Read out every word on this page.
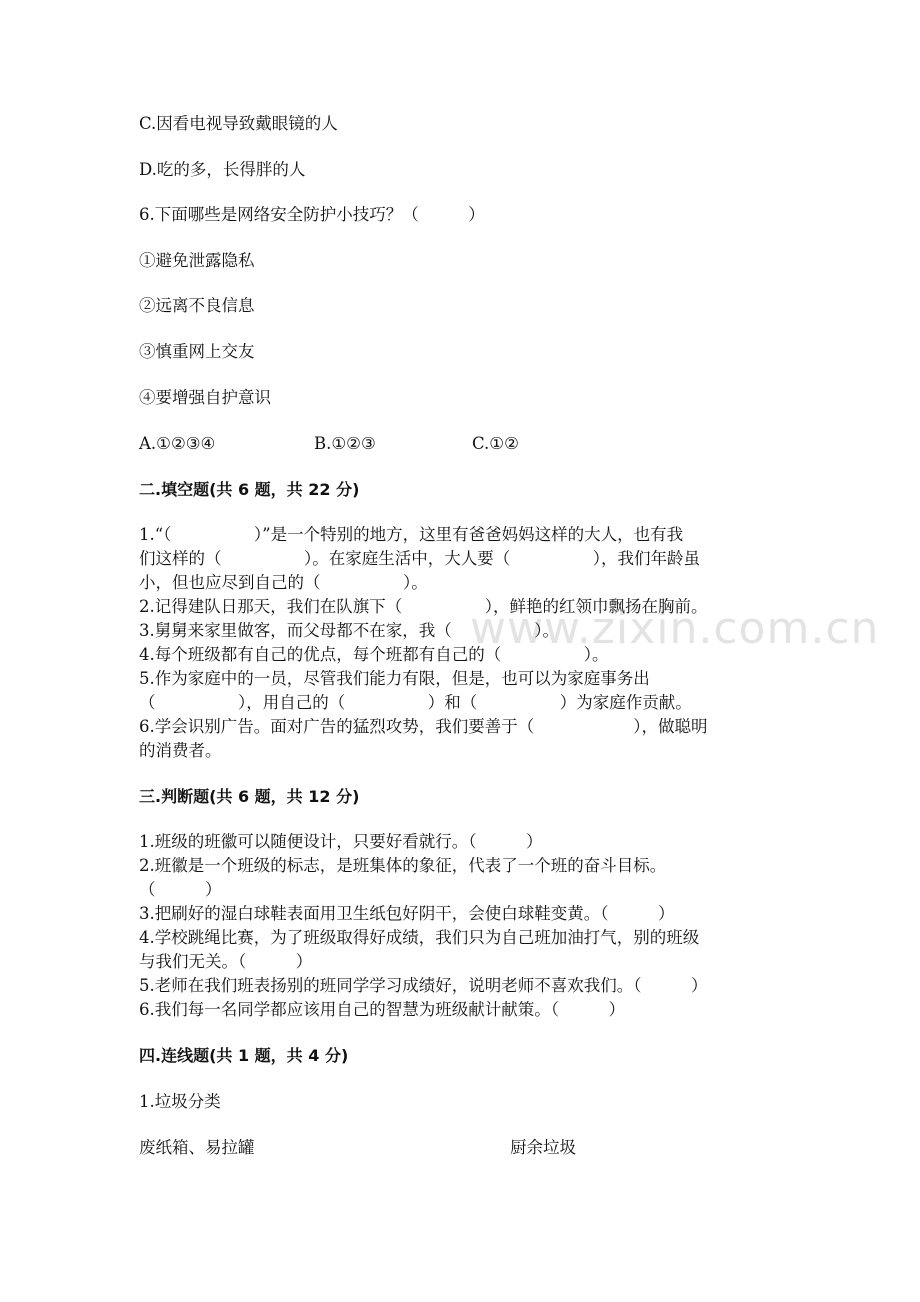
www.zixin.com.cn
C.因看电视导致戴眼镜的人
D.吃的多，长得胖的人
6.下面哪些是网络安全防护小技巧？（　　　）
①避免泄露隐私
②远离不良信息
③慎重网上交友
④要增强自护意识
A.①②③④	B.①②③	C.①②
二.填空题(共 6 题，共 22 分)
1.“（　　　　　）”是一个特别的地方，这里有爸爸妈妈这样的大人，也有我
们这样的（　　　　　）。在家庭生活中，大人要（　　　　　），我们年龄虽
小，但也应尽到自己的（　　　　　）。
2.记得建队日那天，我们在队旗下（　　　　　），鲜艳的红领巾飘扬在胸前。
3.舅舅来家里做客，而父母都不在家，我（　　　　　）。
4.每个班级都有自己的优点，每个班都有自己的（　　　　　）。
5.作为家庭中的一员，尽管我们能力有限，但是，也可以为家庭事务出
（　　　　　），用自己的（　　　　　）和（　　　　　）为家庭作贡献。
6.学会识别广告。面对广告的猛烈攻势，我们要善于（　　　　　　），做聪明
的消费者。
三.判断题(共 6 题，共 12 分)
1.班级的班徽可以随便设计，只要好看就行。（　　　）
2.班徽是一个班级的标志，是班集体的象征，代表了一个班的奋斗目标。
（　　　）
3.把刷好的湿白球鞋表面用卫生纸包好阴干，会使白球鞋变黄。（　　　）
4.学校跳绳比赛，为了班级取得好成绩，我们只为自己班加油打气，别的班级
与我们无关。（　　　）
5.老师在我们班表扬别的班同学学习成绩好，说明老师不喜欢我们。（　　　）
6.我们每一名同学都应该用自己的智慧为班级献计献策。（　　　）
四.连线题(共 1 题，共 4 分)
1.垃圾分类
废纸箱、易拉罐	厨余垃圾
